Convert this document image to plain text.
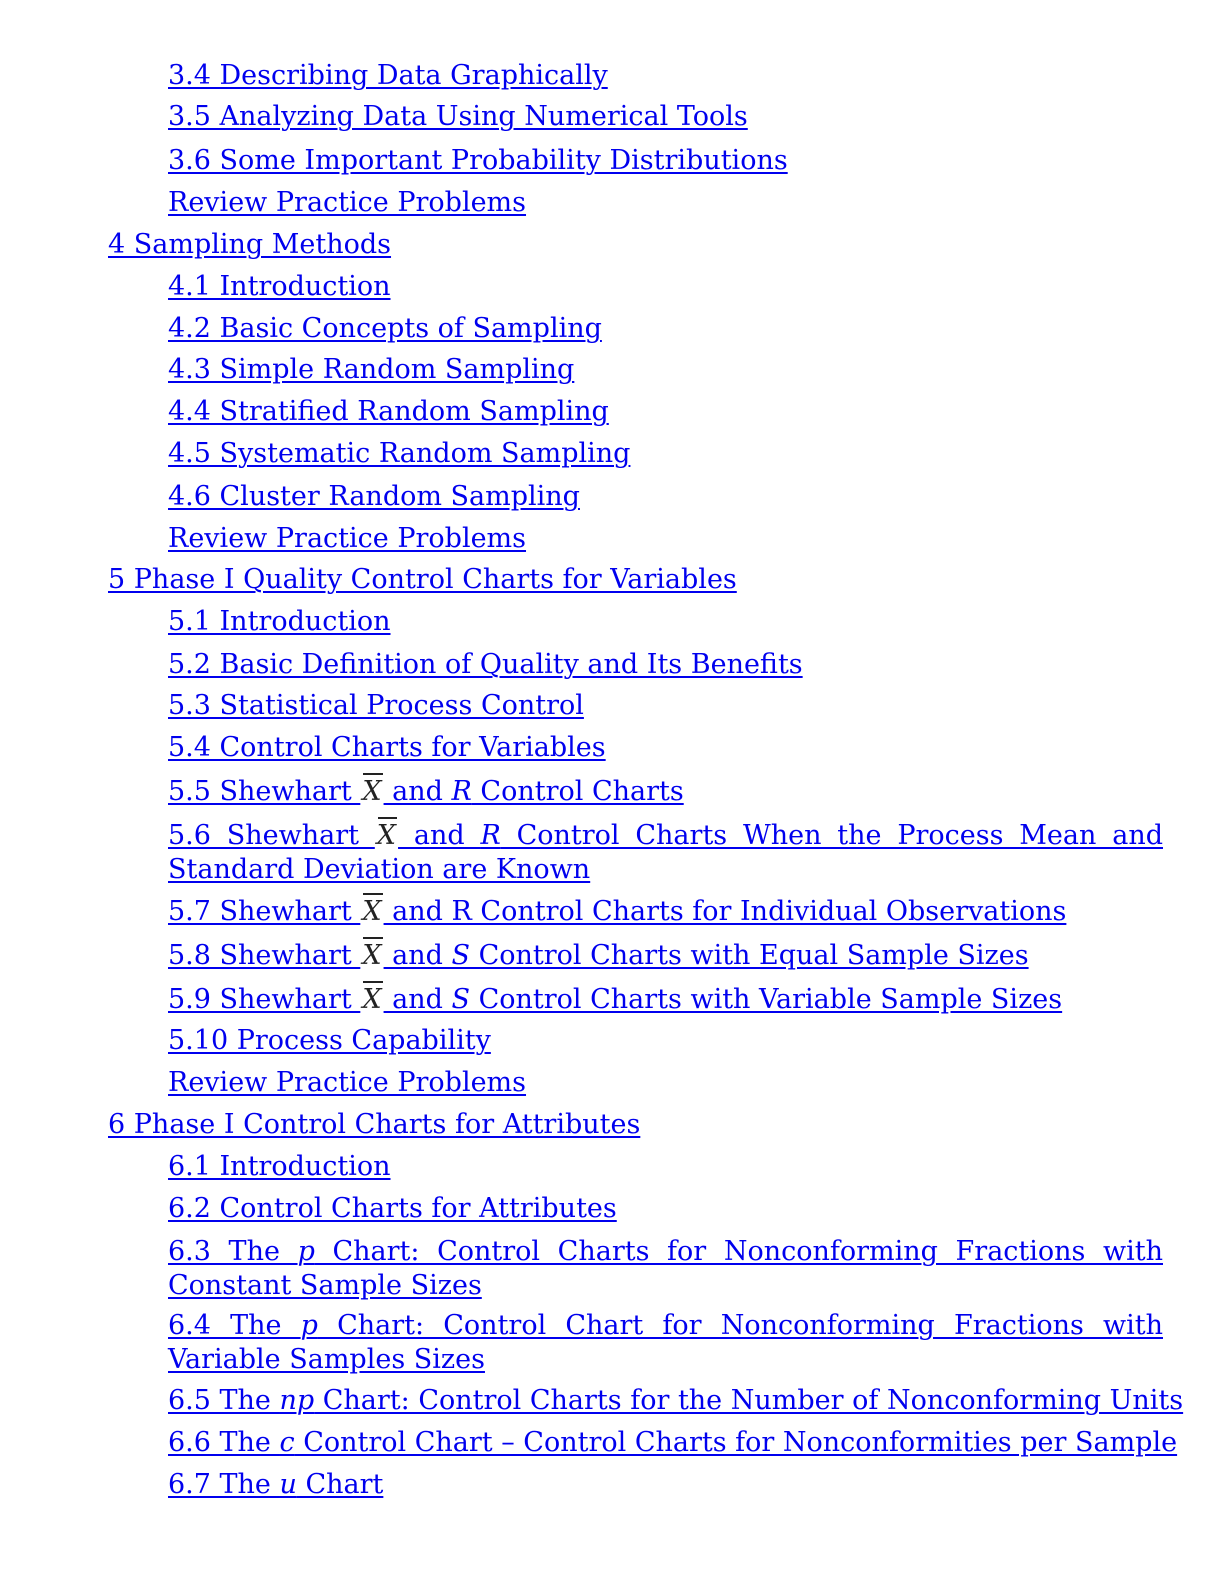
3.4 Describing Data Graphically
3.5 Analyzing Data Using Numerical Tools
3.6 Some Important Probability Distributions
Review Practice Problems
4 Sampling Methods
4.1 Introduction
4.2 Basic Concepts of Sampling
4.3 Simple Random Sampling
4.4 Stratified Random Sampling
4.5 Systematic Random Sampling
4.6 Cluster Random Sampling
Review Practice Problems
5 Phase I Quality Control Charts for Variables
5.1 Introduction
5.2 Basic Definition of Quality and Its Benefits
5.3 Statistical Process Control
5.4 Control Charts for Variables
5.5 Shewhart X and R Control Charts
5.6 Shewhart X and R Control Charts When the Process Mean and Standard Deviation are Known
5.7 Shewhart X and R Control Charts for Individual Observations
5.8 Shewhart X and S Control Charts with Equal Sample Sizes
5.9 Shewhart X and S Control Charts with Variable Sample Sizes
5.10 Process Capability
Review Practice Problems
6 Phase I Control Charts for Attributes
6.1 Introduction
6.2 Control Charts for Attributes
6.3 The p Chart: Control Charts for Nonconforming Fractions with Constant Sample Sizes
6.4 The p Chart: Control Chart for Nonconforming Fractions with Variable Samples Sizes
6.5 The np Chart: Control Charts for the Number of Nonconforming Units
6.6 The c Control Chart – Control Charts for Nonconformities per Sample
6.7 The u Chart
